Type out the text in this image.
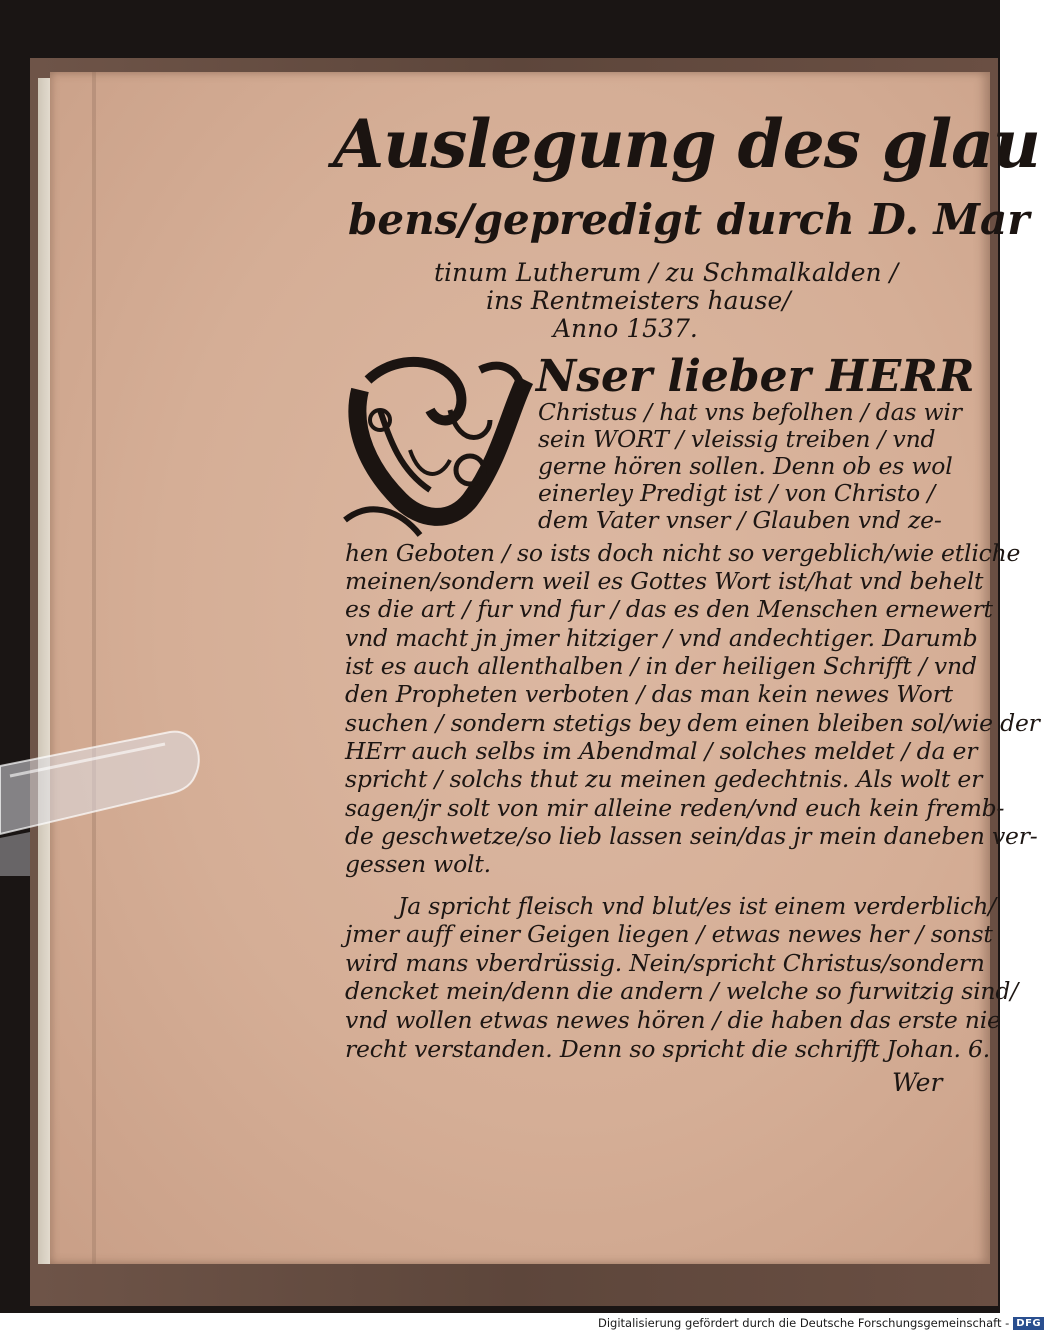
Auslegung des glau
bens/gepredigt durch D. Mar
tinum Lutherum / zu Schmalkalden /
ins Rentmeisters hause/
Anno 1537.
Nser lieber HERR
Christus / hat vns befolhen / das wir
sein WORT / vleissig treiben / vnd
gerne hören sollen. Denn ob es wol
einerley Predigt ist / von Christo /
dem Vater vnser / Glauben vnd ze-
hen Geboten / so ists doch nicht so vergeblich/wie etliche
meinen/sondern weil es Gottes Wort ist/hat vnd behelt
es die art / fur vnd fur / das es den Menschen ernewert
vnd macht jn jmer hitziger / vnd andechtiger. Darumb
ist es auch allenthalben / in der heiligen Schrifft / vnd
den Propheten verboten / das man kein newes Wort
suchen / sondern stetigs bey dem einen bleiben sol/wie der
HErr auch selbs im Abendmal / solches meldet / da er
spricht / solchs thut zu meinen gedechtnis. Als wolt er
sagen/jr solt von mir alleine reden/vnd euch kein fremb-
de geschwetze/so lieb lassen sein/das jr mein daneben ver-
gessen wolt.
Ja spricht fleisch vnd blut/es ist einem verderblich/
jmer auff einer Geigen liegen / etwas newes her / sonst
wird mans vberdrüssig. Nein/spricht Christus/sondern
dencket mein/denn die andern / welche so furwitzig sind/
vnd wollen etwas newes hören / die haben das erste nie
recht verstanden. Denn so spricht die schrifft Johan. 6.
Wer
Digitalisierung gefördert durch die Deutsche Forschungsgemeinschaft - DFG
